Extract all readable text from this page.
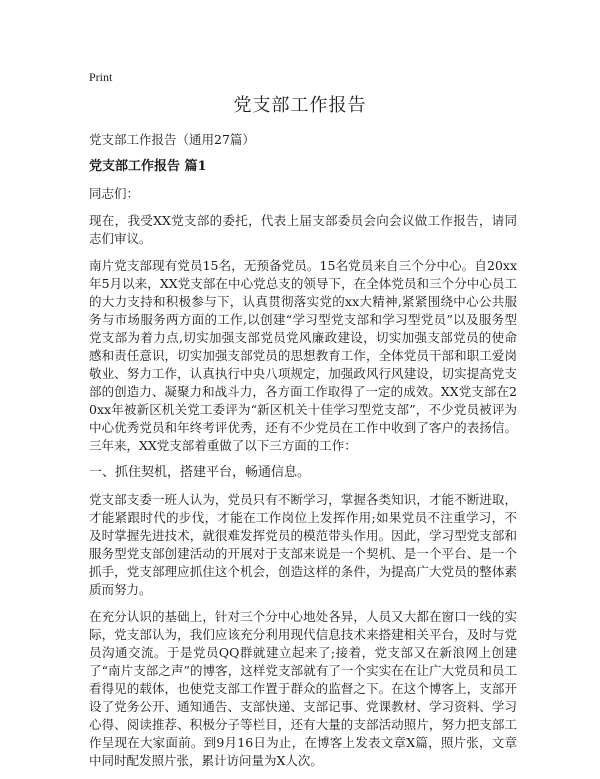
Print
党支部工作报告

党支部工作报告（通用27篇）

党支部工作报告 篇1

同志们：

现在，我受XX党支部的委托，代表上届支部委员会向会议做工作报告，请同志们审议。

南片党支部现有党员15名，无预备党员。15名党员来自三个分中心。自20xx年5月以来，XX党支部在中心党总支的领导下，在全体党员和三个分中心员工的大力支持和积极参与下，认真贯彻落实党的xx大精神,紧紧围绕中心公共服务与市场服务两方面的工作,以创建“学习型党支部和学习型党员”以及服务型党支部为着力点,切实加强支部党员党风廉政建设，切实加强支部党员的使命感和责任意识，切实加强支部党员的思想教育工作，全体党员干部和职工爱岗敬业、努力工作，认真执行中央八项规定，加强政风行风建设，切实提高党支部的创造力、凝聚力和战斗力，各方面工作取得了一定的成效。XX党支部在20xx年被新区机关党工委评为“新区机关十佳学习型党支部”，不少党员被评为中心优秀党员和年终考评优秀，还有不少党员在工作中收到了客户的表扬信。三年来，XX党支部着重做了以下三方面的工作：

一、抓住契机，搭建平台，畅通信息。

党支部支委一班人认为，党员只有不断学习，掌握各类知识，才能不断进取，才能紧跟时代的步伐，才能在工作岗位上发挥作用;如果党员不注重学习，不及时掌握先进技术，就很难发挥党员的模范带头作用。因此，学习型党支部和服务型党支部创建活动的开展对于支部来说是一个契机、是一个平台、是一个抓手，党支部理应抓住这个机会，创造这样的条件，为提高广大党员的整体素质而努力。

在充分认识的基础上，针对三个分中心地处各异，人员又大都在窗口一线的实际，党支部认为，我们应该充分利用现代信息技术来搭建相关平台，及时与党员沟通交流。于是党员QQ群就建立起来了;接着，党支部又在新浪网上创建了“南片支部之声”的博客，这样党支部就有了一个实实在在让广大党员和员工看得见的载体，也使党支部工作置于群众的监督之下。在这个博客上，支部开设了党务公开、通知通告、支部快递、支部记事、党课教材、学习资料、学习心得、阅读推荐、积极分子等栏目，还有大量的支部活动照片，努力把支部工作呈现在大家面前。到9月16日为止，在博客上发表文章X篇，照片张，文章中同时配发照片张，累计访问量为X人次。
